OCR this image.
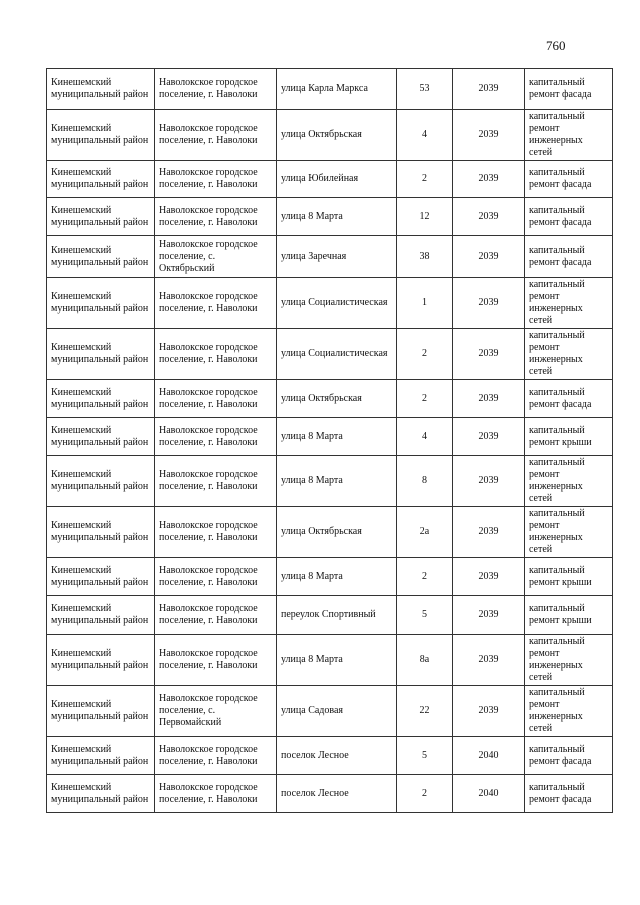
760
Кинешемский муниципальный район	Наволокское городское поселение, г. Наволоки	улица Карла Маркса	53	2039	капитальный ремонт фасада
Кинешемский муниципальный район	Наволокское городское поселение, г. Наволоки	улица Октябрьская	4	2039	капитальный ремонт инженерных сетей
Кинешемский муниципальный район	Наволокское городское поселение, г. Наволоки	улица Юбилейная	2	2039	капитальный ремонт фасада
Кинешемский муниципальный район	Наволокское городское поселение, г. Наволоки	улица 8 Марта	12	2039	капитальный ремонт фасада
Кинешемский муниципальный район	Наволокское городское поселение, с. Октябрьский	улица Заречная	38	2039	капитальный ремонт фасада
Кинешемский муниципальный район	Наволокское городское поселение, г. Наволоки	улица Социалистическая	1	2039	капитальный ремонт инженерных сетей
Кинешемский муниципальный район	Наволокское городское поселение, г. Наволоки	улица Социалистическая	2	2039	капитальный ремонт инженерных сетей
Кинешемский муниципальный район	Наволокское городское поселение, г. Наволоки	улица Октябрьская	2	2039	капитальный ремонт фасада
Кинешемский муниципальный район	Наволокское городское поселение, г. Наволоки	улица 8 Марта	4	2039	капитальный ремонт крыши
Кинешемский муниципальный район	Наволокское городское поселение, г. Наволоки	улица 8 Марта	8	2039	капитальный ремонт инженерных сетей
Кинешемский муниципальный район	Наволокское городское поселение, г. Наволоки	улица Октябрьская	2а	2039	капитальный ремонт инженерных сетей
Кинешемский муниципальный район	Наволокское городское поселение, г. Наволоки	улица 8 Марта	2	2039	капитальный ремонт крыши
Кинешемский муниципальный район	Наволокское городское поселение, г. Наволоки	переулок Спортивный	5	2039	капитальный ремонт крыши
Кинешемский муниципальный район	Наволокское городское поселение, г. Наволоки	улица 8 Марта	8а	2039	капитальный ремонт инженерных сетей
Кинешемский муниципальный район	Наволокское городское поселение, с. Первомайский	улица Садовая	22	2039	капитальный ремонт инженерных сетей
Кинешемский муниципальный район	Наволокское городское поселение, г. Наволоки	поселок Лесное	5	2040	капитальный ремонт фасада
Кинешемский муниципальный район	Наволокское городское поселение, г. Наволоки	поселок Лесное	2	2040	капитальный ремонт фасада
